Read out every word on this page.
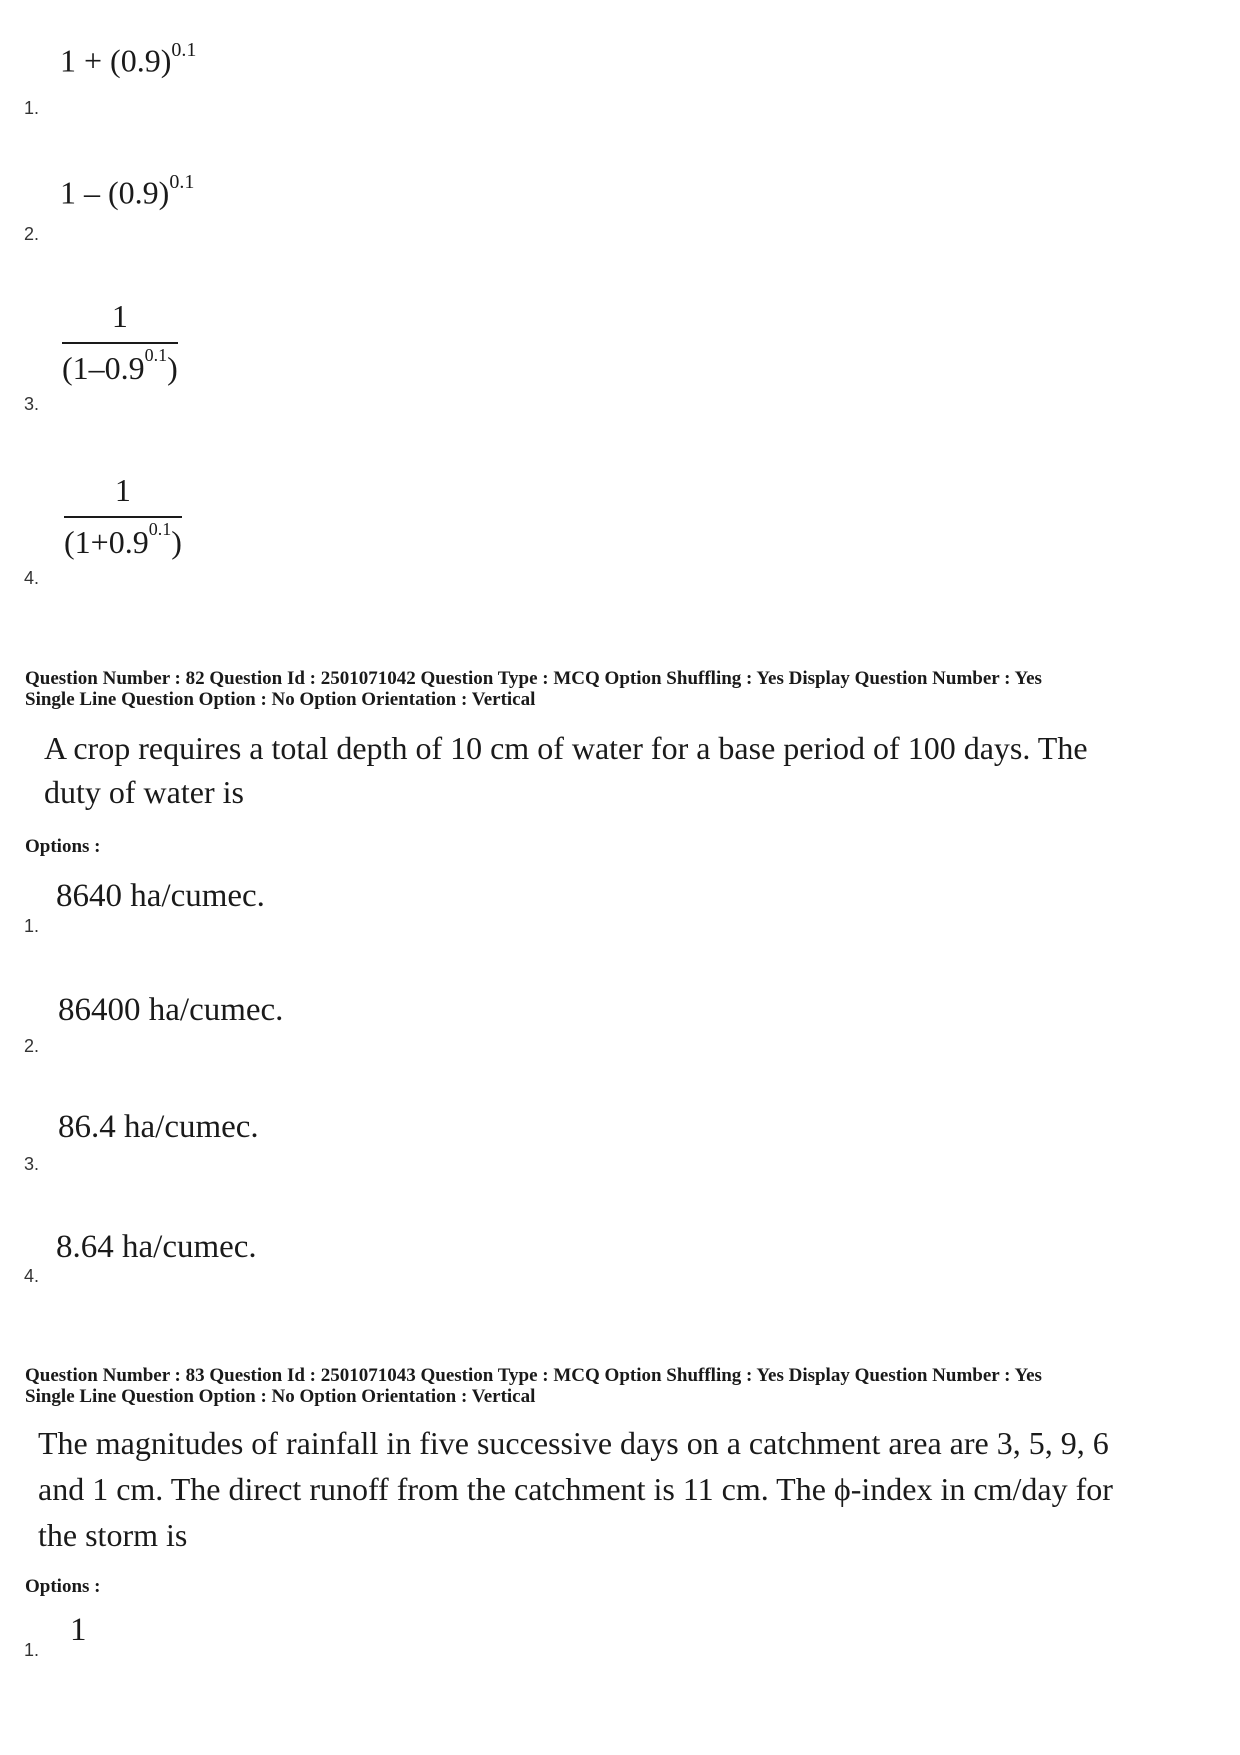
$1 + (0.9)^{0.1}$
1.
$1 - (0.9)^{0.1}$
2.
$\frac{1}{(1-0.9^{0.1})}$
3.
$\frac{1}{(1+0.9^{0.1})}$
4.
Question Number : 82 Question Id : 2501071042 Question Type : MCQ Option Shuffling : Yes Display Question Number : Yes
Single Line Question Option : No Option Orientation : Vertical
A crop requires a total depth of 10 cm of water for a base period of 100 days. The
duty of water is
Options :
8640 ha/cumec.
1.
86400 ha/cumec.
2.
86.4 ha/cumec.
3.
8.64 ha/cumec.
4.
Question Number : 83 Question Id : 2501071043 Question Type : MCQ Option Shuffling : Yes Display Question Number : Yes
Single Line Question Option : No Option Orientation : Vertical
The magnitudes of rainfall in five successive days on a catchment area are 3, 5, 9, 6
and 1 cm. The direct runoff from the catchment is 11 cm. The ϕ-index in cm/day for
the storm is
Options :
1
1.
